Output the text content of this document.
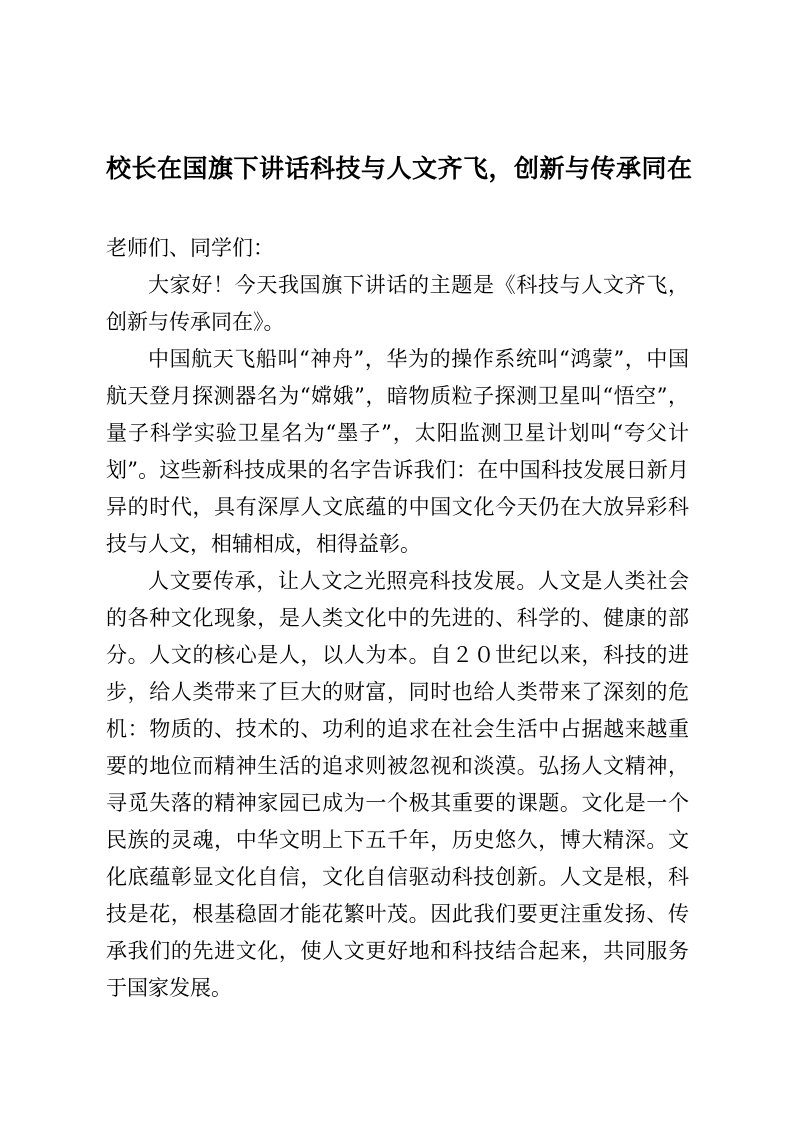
校长在国旗下讲话科技与人文齐飞，创新与传承同在

老师们、同学们：

大家好！今天我国旗下讲话的主题是《科技与人文齐飞，创新与传承同在》。

中国航天飞船叫“神舟”，华为的操作系统叫“鸿蒙”，中国航天登月探测器名为“嫦娥”，暗物质粒子探测卫星叫“悟空”，量子科学实验卫星名为“墨子”，太阳监测卫星计划叫“夸父计划”。这些新科技成果的名字告诉我们：在中国科技发展日新月异的时代，具有深厚人文底蕴的中国文化今天仍在大放异彩科技与人文，相辅相成，相得益彰。

人文要传承，让人文之光照亮科技发展。人文是人类社会的各种文化现象，是人类文化中的先进的、科学的、健康的部分。人文的核心是人，以人为本。自２０世纪以来，科技的进步，给人类带来了巨大的财富，同时也给人类带来了深刻的危机：物质的、技术的、功利的追求在社会生活中占据越来越重要的地位而精神生活的追求则被忽视和淡漠。弘扬人文精神，寻觅失落的精神家园已成为一个极其重要的课题。文化是一个民族的灵魂，中华文明上下五千年，历史悠久，博大精深。文化底蕴彰显文化自信，文化自信驱动科技创新。人文是根，科技是花，根基稳固才能花繁叶茂。因此我们要更注重发扬、传承我们的先进文化，使人文更好地和科技结合起来，共同服务于国家发展。
